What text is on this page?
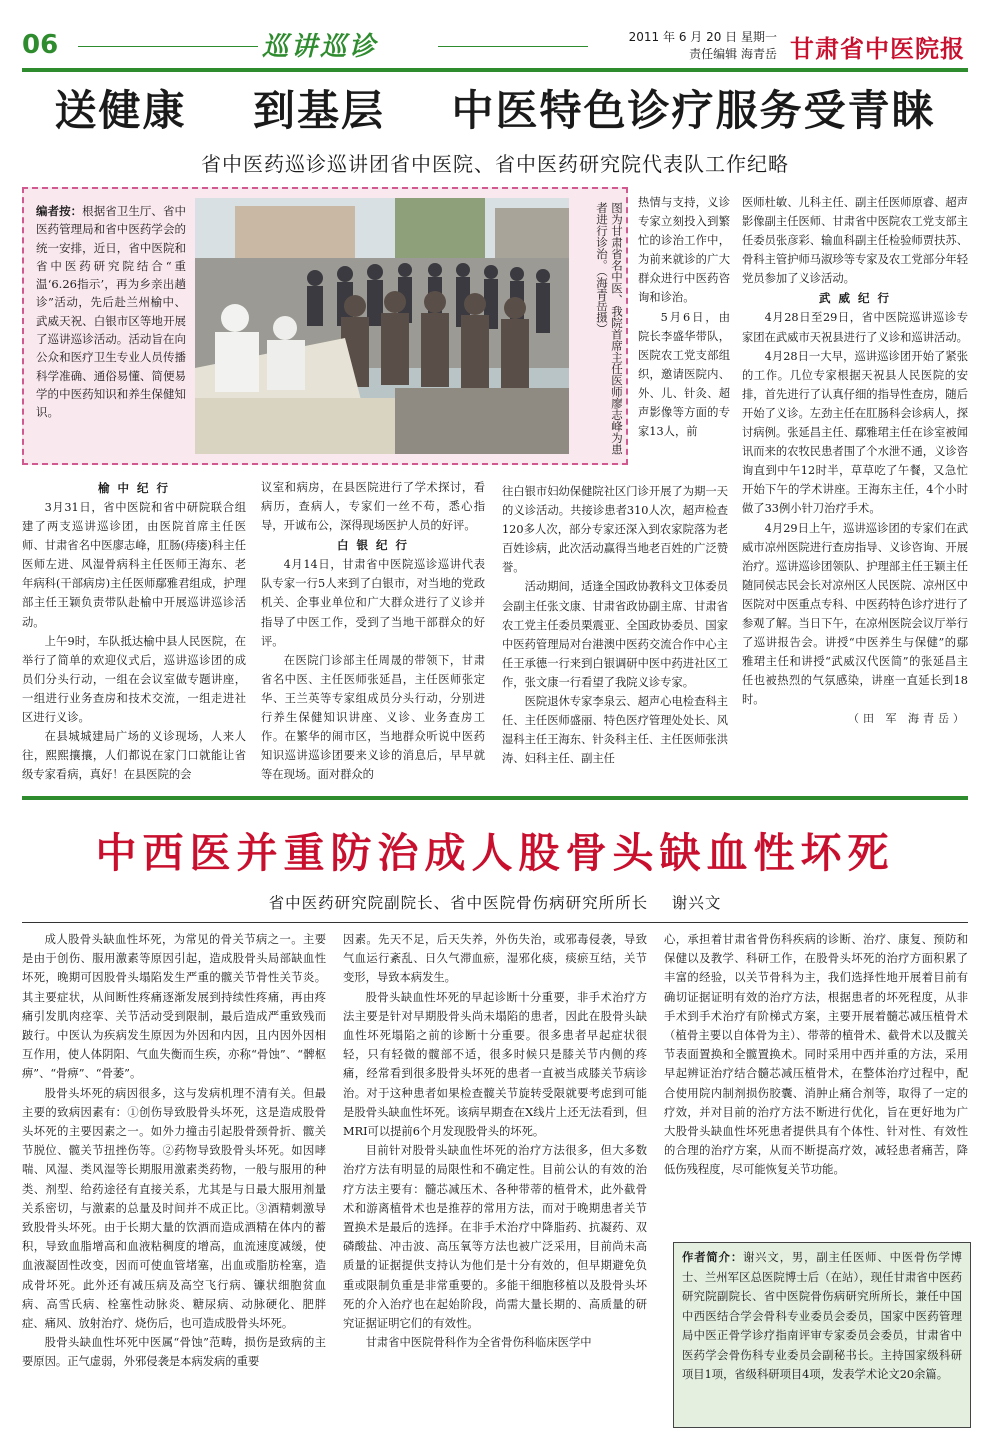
06	巡讲巡诊	2011 年 6 月 20 日 星期一
责任编辑 海青岳 甘肃省中医院报
送健康    到基层    中医特色诊疗服务受青睐
省中医药巡诊巡讲团省中医院、省中医药研究院代表队工作纪略
编者按：根据省卫生厅、省中医药管理局和省中医药学会的统一安排，近日，省中医院和省中医药研究院结合“重温‘6.26指示’，再为乡亲出趟诊”活动，先后赴兰州榆中、武威天祝、白银市区等地开展了巡讲巡诊活动。活动旨在向公众和医疗卫生专业人员传播科学准确、通俗易懂、简便易学的中医药知识和养生保健知识。	图为甘肃省名中医、我院首席主任医师廖志峰为患者进行诊治。（海青岳摄）
榆 中 纪 行

3月31日，省中医院和省中研院联合组建了两支巡讲巡诊团，由医院首席主任医师、甘肃省名中医廖志峰，肛肠(痔瘘)科主任医师左进、风湿骨病科主任医师王海东、老年病科(干部病房)主任医师鄢雅君组成，护理部主任王颖负责带队赴榆中开展巡讲巡诊活动。

上午9时，车队抵达榆中县人民医院，在举行了简单的欢迎仪式后，巡讲巡诊团的成员们分头行动，一组在会议室做专题讲座，一组进行业务查房和技术交流，一组走进社区进行义诊。

在县城城建局广场的义诊现场，人来人往，熙熙攘攘，人们都说在家门口就能让省级专家看病，真好！在县医院的会

议室和病房，在县医院进行了学术探讨，看病历，查病人，专家们一丝不苟，悉心指导，开诚布公，深得现场医护人员的好评。

白 银 纪 行

4月14日，甘肃省中医院巡诊巡讲代表队专家一行5人来到了白银市，对当地的党政机关、企事业单位和广大群众进行了义诊并指导了中医工作，受到了当地干部群众的好评。

在医院门诊部主任周晟的带领下，甘肃省名中医、主任医师张延昌，主任医师张定华、王兰英等专家组成员分头行动，分别进行养生保健知识讲座、义诊、业务查房工作。在繁华的闹市区，当地群众听说中医药知识巡讲巡诊团要来义诊的消息后，早早就等在现场。面对群众的

热情与支持，义诊专家立刻投入到繁忙的诊治工作中，为前来就诊的广大群众进行中医药咨询和诊治。

5月6日，由院长李盛华带队，医院农工党支部组织，邀请医院内、外、儿、针灸、超声影像等方面的专家13人，前

往白银市妇幼保健院社区门诊开展了为期一天的义诊活动。共接诊患者310人次，超声检查120多人次，部分专家还深入到农家院落为老百姓诊病，此次活动赢得当地老百姓的广泛赞誉。

活动期间，适逢全国政协教科文卫体委员会副主任张文康、甘肃省政协副主席、甘肃省农工党主任委员栗震亚、全国政协委员、国家中医药管理局对台港澳中医药交流合作中心主任王承德一行来到白银调研中医中药进社区工作，张文康一行看望了我院义诊专家。

医院退休专家李泉云、超声心电检查科主任、主任医师盛丽、特色医疗管理处处长、风湿科主任王海东、针灸科主任、主任医师张洪涛、妇科主任、副主任

医师杜敏、儿科主任、副主任医师原睿、超声影像副主任医师、甘肃省中医院农工党支部主任委员张彦彩、输血科副主任检验师贾扶苏、骨科主管护师马淑珍等专家及农工党部分年轻党员参加了义诊活动。

武 威 纪 行

4月28日至29日，省中医院巡讲巡诊专家团在武威市天祝县进行了义诊和巡讲活动。

4月28日一大早，巡讲巡诊团开始了紧张的工作。几位专家根据天祝县人民医院的安排，首先进行了认真仔细的指导性查房，随后开始了义诊。左劲主任在肛肠科会诊病人，探讨病例。张延昌主任、鄢雅珺主任在诊室被闻讯而来的农牧民患者围了个水泄不通，义诊咨询直到中午12时半，草草吃了午餐，又急忙开始下午的学术讲座。王海东主任，4个小时做了33例小针刀治疗手术。

4月29日上午，巡讲巡诊团的专家们在武威市凉州医院进行查房指导、义诊咨询、开展治疗。巡讲巡诊团领队、护理部主任王颖主任随同侯志民会长对凉州区人民医院、凉州区中医院对中医重点专科、中医药特色诊疗进行了参观了解。当日下午，在凉州医院会议厅举行了巡讲报告会。讲授“中医养生与保健”的鄢雅珺主任和讲授“武威汉代医简”的张延昌主任也被热烈的气氛感染，讲座一直延长到18时。

（田 军 海青岳）
中西医并重防治成人股骨头缺血性坏死
省中医药研究院副院长、省中医院骨伤病研究所所长    谢兴文

成人股骨头缺血性坏死，为常见的骨关节病之一。主要是由于创伤、服用激素等原因引起，造成股骨头局部缺血性坏死，晚期可因股骨头塌陷发生严重的髋关节骨性关节炎。其主要症状，从间断性疼痛逐渐发展到持续性疼痛，再由疼痛引发肌肉痉挛、关节活动受到限制，最后造成严重致残而跛行。中医认为疾病发生原因为外因和内因，且内因外因相互作用，使人体阴阳、气血失衡而生疾，亦称“骨蚀”、“髀枢痹”、“骨痹”、“骨萎”。

股骨头坏死的病因很多，这与发病机理不清有关。但最主要的致病因素有：①创伤导致股骨头坏死，这是造成股骨头坏死的主要因素之一。如外力撞击引起股骨颈骨折、髋关节脱位、髋关节扭挫伤等。②药物导致股骨头坏死。如因哮喘、风湿、类风湿等长期服用激素类药物，一般与服用的种类、剂型、给药途径有直接关系，尤其是与日最大服用剂量关系密切，与激素的总量及时间并不成正比。③酒精刺激导致股骨头坏死。由于长期大量的饮酒而造成酒精在体内的蓄积，导致血脂增高和血液粘稠度的增高，血流速度减缓，使血液凝固性改变，因而可使血管堵塞，出血或脂肪栓塞，造成骨坏死。此外还有减压病及高空飞行病、镰状细胞贫血病、高雪氏病、栓塞性动脉炎、糖尿病、动脉硬化、肥胖症、痛风、放射治疗、烧伤后，也可造成股骨头坏死。

股骨头缺血性坏死中医属“骨蚀”范畴，损伤是致病的主要原因。正气虚弱，外邪侵袭是本病发病的重要

因素。先天不足，后天失养，外伤失治，或邪毒侵袭，导致气血运行紊乱、日久气滞血瘀，湿邪化痰，痰瘀互结，关节变形，导致本病发生。

股骨头缺血性坏死的早起诊断十分重要，非手术治疗方法主要是针对早期股骨头尚未塌陷的患者，因此在股骨头缺血性坏死塌陷之前的诊断十分重要。很多患者早起症状很轻，只有轻微的髋部不适，很多时候只是膝关节内侧的疼痛，经常看到很多股骨头坏死的患者一直被当成膝关节病诊治。对于这种患者如果检查髋关节旋转受限就要考虑到可能是股骨头缺血性坏死。该病早期查在X线片上还无法看到，但MRI可以提前6个月发现股骨头的坏死。

目前针对股骨头缺血性坏死的治疗方法很多，但大多数治疗方法有明显的局限性和不确定性。目前公认的有效的治疗方法主要有：髓芯减压术、各种带蒂的植骨术，此外截骨术和游离植骨术也是推荐的常用方法，而对于晚期患者关节置换术是最后的选择。在非手术治疗中降脂药、抗凝药、双磷酸盐、冲击波、高压氧等方法也被广泛采用，目前尚未高质量的证据提供支持认为他们是十分有效的，但早期避免负重或限制负重是非常重要的。多能干细胞移植以及股骨头坏死的介入治疗也在起始阶段，尚需大量长期的、高质量的研究证据证明它们的有效性。

甘肃省中医院骨科作为全省骨伤科临床医学中

心，承担着甘肃省骨伤科疾病的诊断、治疗、康复、预防和保健以及教学、科研工作，在股骨头坏死的治疗方面积累了丰富的经验，以关节骨科为主，我们选择性地开展着目前有确切证据证明有效的治疗方法，根据患者的坏死程度，从非手术到手术治疗有阶梯式方案，主要开展着髓芯减压植骨术（植骨主要以自体骨为主）、带蒂的植骨术、截骨术以及髋关节表面置换和全髋置换术。同时采用中西并重的方法，采用早起辨证治疗结合髓芯减压植骨术，在整体治疗过程中，配合使用院内制剂损伤胶囊、消肿止痛合剂等，取得了一定的疗效，并对目前的治疗方法不断进行优化，旨在更好地为广大股骨头缺血性坏死患者提供具有个体性、针对性、有效性的合理的治疗方案，从而不断提高疗效，减轻患者痛苦，降低伤残程度，尽可能恢复关节功能。

作者简介：谢兴文，男，副主任医师、中医骨伤学博士、兰州军区总医院博士后（在站），现任甘肃省中医药研究院副院长、省中医院骨伤病研究所所长，兼任中国中西医结合学会骨科专业委员会委员，国家中医药管理局中医正骨学诊疗指南评审专家委员会委员，甘肃省中医药学会骨伤科专业委员会副秘书长。主持国家级科研项目1项，省级科研项目4项，发表学术论文20余篇。
